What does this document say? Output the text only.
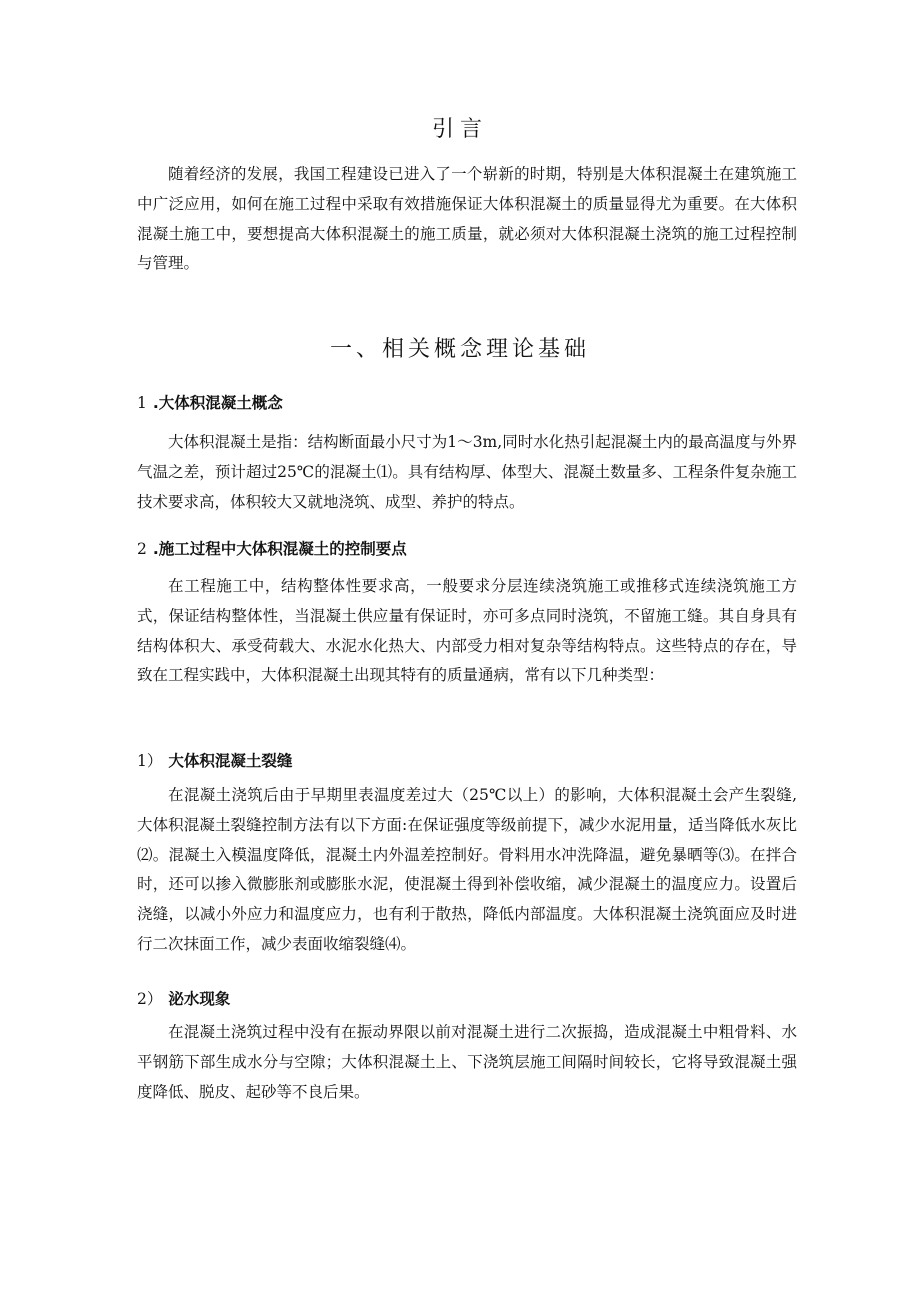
引言

随着经济的发展，我国工程建设已进入了一个崭新的时期，特别是大体积混凝土在建筑施工中广泛应用，如何在施工过程中采取有效措施保证大体积混凝土的质量显得尤为重要。在大体积混凝土施工中，要想提高大体积混凝土的施工质量，就必须对大体积混凝土浇筑的施工过程控制与管理。

一、相关概念理论基础
1 .大体积混凝土概念

大体积混凝土是指：结构断面最小尺寸为1～3m,同时水化热引起混凝土内的最高温度与外界气温之差，预计超过25℃的混凝土⑴。具有结构厚、体型大、混凝土数量多、工程条件复杂施工技术要求高，体积较大又就地浇筑、成型、养护的特点。

2 .施工过程中大体积混凝土的控制要点

在工程施工中，结构整体性要求高，一般要求分层连续浇筑施工或推移式连续浇筑施工方式，保证结构整体性，当混凝土供应量有保证时，亦可多点同时浇筑，不留施工缝。其自身具有结构体积大、承受荷载大、水泥水化热大、内部受力相对复杂等结构特点。这些特点的存在，导致在工程实践中，大体积混凝土出现其特有的质量通病，常有以下几种类型：

1） 大体积混凝土裂缝

在混凝土浇筑后由于早期里表温度差过大（25℃以上）的影响，大体积混凝土会产生裂缝,大体积混凝土裂缝控制方法有以下方面:在保证强度等级前提下，减少水泥用量，适当降低水灰比⑵。混凝土入模温度降低，混凝土内外温差控制好。骨料用水冲洗降温，避免暴晒等⑶。在拌合时，还可以掺入微膨胀剂或膨胀水泥，使混凝土得到补偿收缩，减少混凝土的温度应力。设置后浇缝，以减小外应力和温度应力，也有利于散热，降低内部温度。大体积混凝土浇筑面应及时进行二次抹面工作，减少表面收缩裂缝⑷。

2） 泌水现象

在混凝土浇筑过程中没有在振动界限以前对混凝土进行二次振捣，造成混凝土中粗骨料、水平钢筋下部生成水分与空隙；大体积混凝土上、下浇筑层施工间隔时间较长，它将导致混凝土强度降低、脱皮、起砂等不良后果。
